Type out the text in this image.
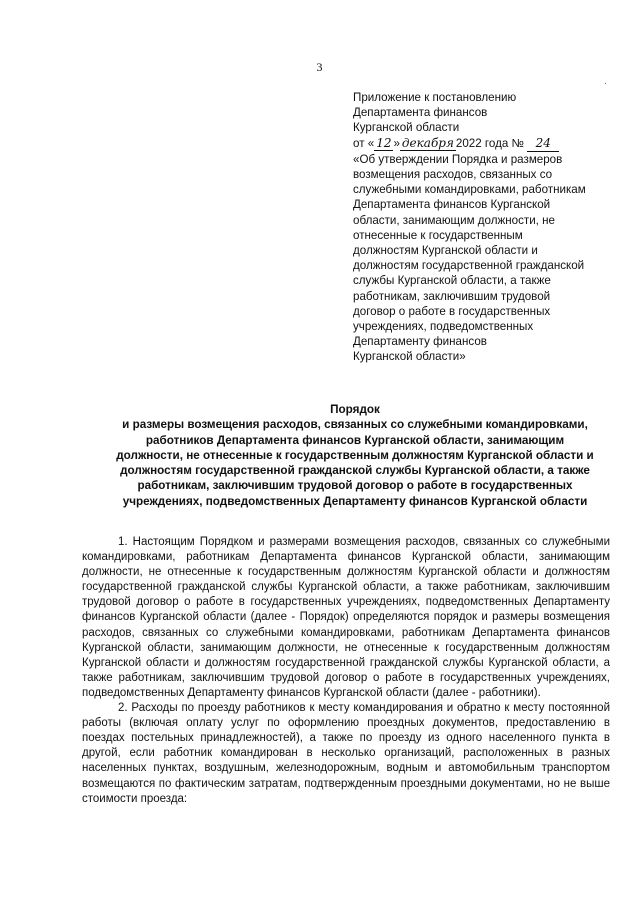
3
.
Приложение к постановлению
Департамента финансов
Курганской области
от « 12 » декабря 2022 года № 24
«Об утверждении Порядка и размеров
возмещения расходов, связанных со
служебными командировками, работникам
Департамента финансов Курганской
области, занимающим должности, не
отнесенные к государственным
должностям Курганской области и
должностям государственной гражданской
службы Курганской области, а также
работникам, заключившим трудовой
договор о работе в государственных
учреждениях, подведомственных
Департаменту финансов
Курганской области»
Порядок
и размеры возмещения расходов, связанных со служебными командировками,
работников Департамента финансов Курганской области, занимающим
должности, не отнесенные к государственным должностям Курганской области и
должностям государственной гражданской службы Курганской области, а также
работникам, заключившим трудовой договор о работе в государственных
учреждениях, подведомственных Департаменту финансов Курганской области

1. Настоящим Порядком и размерами возмещения расходов, связанных со служебными командировками, работникам Департамента финансов Курганской области, занимающим должности, не отнесенные к государственным должностям Курганской области и должностям государственной гражданской службы Курганской области, а также работникам, заключившим трудовой договор о работе в государственных учреждениях, подведомственных Департаменту финансов Курганской области (далее - Порядок) определяются порядок и размеры возмещения расходов, связанных со служебными командировками, работникам Департамента финансов Курганской области, занимающим должности, не отнесенные к государственным должностям Курганской области и должностям государственной гражданской службы Курганской области, а также работникам, заключившим трудовой договор о работе в государственных учреждениях, подведомственных Департаменту финансов Курганской области (далее - работники).

2. Расходы по проезду работников к месту командирования и обратно к месту постоянной работы (включая оплату услуг по оформлению проездных документов, предоставлению в поездах постельных принадлежностей), а также по проезду из одного населенного пункта в другой, если работник командирован в несколько организаций, расположенных в разных населенных пунктах, воздушным, железнодорожным, водным и автомобильным транспортом возмещаются по фактическим затратам, подтвержденным проездными документами, но не выше стоимости проезда:
